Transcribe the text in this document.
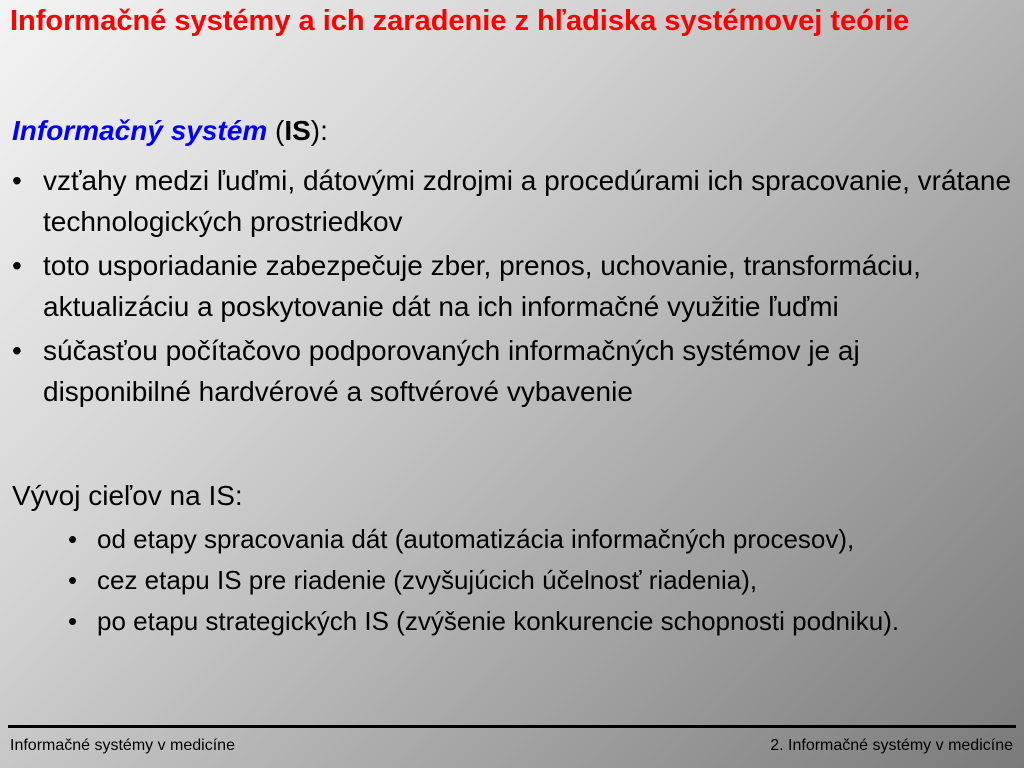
Informačné systémy a ich zaradenie z hľadiska systémovej teórie

Informačný systém (IS):

• vzťahy medzi ľuďmi, dátovými zdrojmi a procedúrami ich spracovanie, vrátane technologických prostriedkov
• toto usporiadanie zabezpečuje zber, prenos, uchovanie, transformáciu, aktualizáciu a poskytovanie dát na ich informačné využitie ľuďmi
• súčasťou počítačovo podporovaných informačných systémov je aj disponibilné hardvérové a softvérové vybavenie

Vývoj cieľov na IS:

• od etapy spracovania dát (automatizácia informačných procesov),
• cez etapu IS pre riadenie (zvyšujúcich účelnosť riadenia),
• po etapu strategických IS (zvýšenie konkurencie schopnosti podniku).
Informačné systémy v medicíne	2. Informačné systémy v medicíne
